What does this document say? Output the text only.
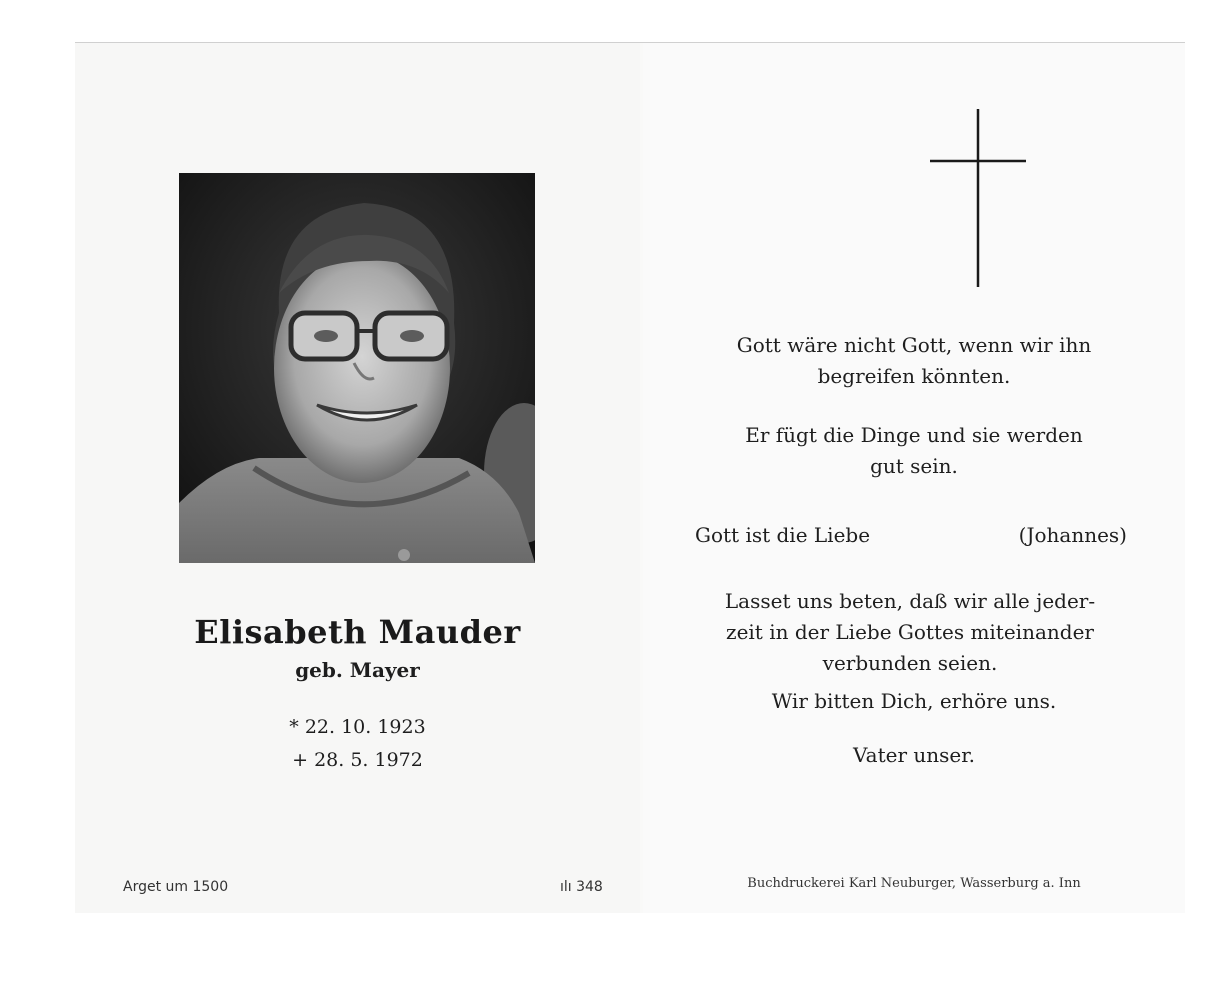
Elisabeth Mauder
geb. Mayer
* 22. 10. 1923
+ 28. 5. 1972
Arget um 1500	ılı 348
Gott wäre nicht Gott, wenn wir ihn
begreifen könnten.
Er fügt die Dinge und sie werden
gut sein.
Gott ist die Liebe	(Johannes)
Lasset uns beten, daß wir alle jeder-
zeit in der Liebe Gottes miteinander
verbunden seien.
Wir bitten Dich, erhöre uns.
Vater unser.
Buchdruckerei Karl Neuburger, Wasserburg a. Inn
